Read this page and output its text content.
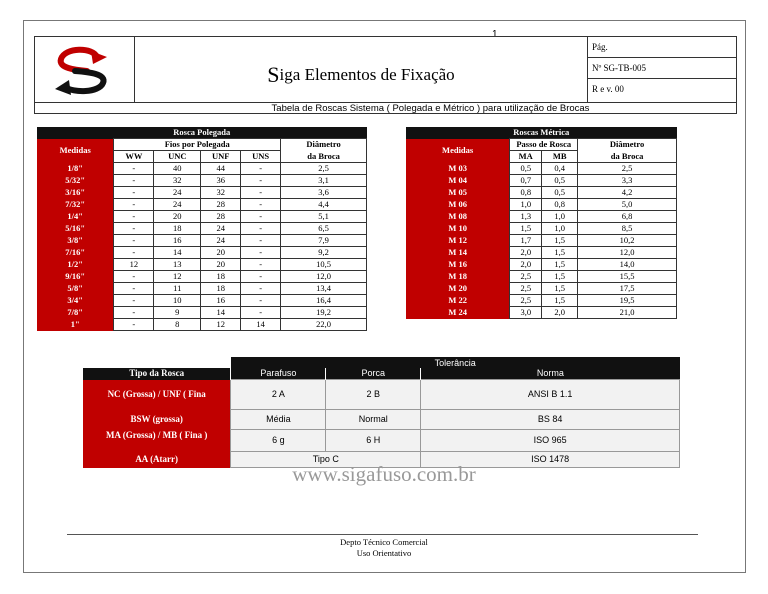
1
S iga Elementos de Fixação
Pág.
Nº SG-TB-005
R e v. 00
Tabela de Roscas Sistema ( Polegada e Métrico ) para utilização de Brocas
Rosca Polegada					
Medidas	Fios por Polegada				Diâmetro
	WW	UNC	UNF	UNS	da Broca
1/8"	-	40	44	-	2,5
5/32"	-	32	36	-	3,1
3/16"	-	24	32	-	3,6
7/32"	-	24	28	-	4,4
1/4"	-	20	28	-	5,1
5/16"	-	18	24	-	6,5
3/8"	-	16	24	-	7,9
7/16"	-	14	20	-	9,2
1/2"	12	13	20	-	10,5
9/16"	-	12	18	-	12,0
5/8"	-	11	18	-	13,4
3/4"	-	10	16	-	16,4
7/8"	-	9	14	-	19,2
1"	-	8	12	14	22,0
Roscas Métrica			
Medidas	Passo de Rosca		Diâmetro
	MA	MB	da Broca
M 03	0,5	0,4	2,5
M 04	0,7	0,5	3,3
M 05	0,8	0,5	4,2
M 06	1,0	0,8	5,0
M 08	1,3	1,0	6,8
M 10	1,5	1,0	8,5
M 12	1,7	1,5	10,2
M 14	2,0	1,5	12,0
M 16	2,0	1,5	14,0
M 18	2,5	1,5	15,5
M 20	2,5	1,5	17,5
M 22	2,5	1,5	19,5
M 24	3,0	2,0	21,0
	Tolerância		
Tipo da Rosca	Parafuso	Porca	Norma
NC (Grossa) / UNF ( Fina	2 A	2 B	ANSI B 1.1
BSW (grossa)	Média	Normal	BS 84
MA (Grossa) / MB ( Fina )	6 g	6 H	ISO 965
AA (Atarr)	Tipo C		ISO 1478
www.sigafuso.com.br
Depto Técnico Comercial
Uso Orientativo
